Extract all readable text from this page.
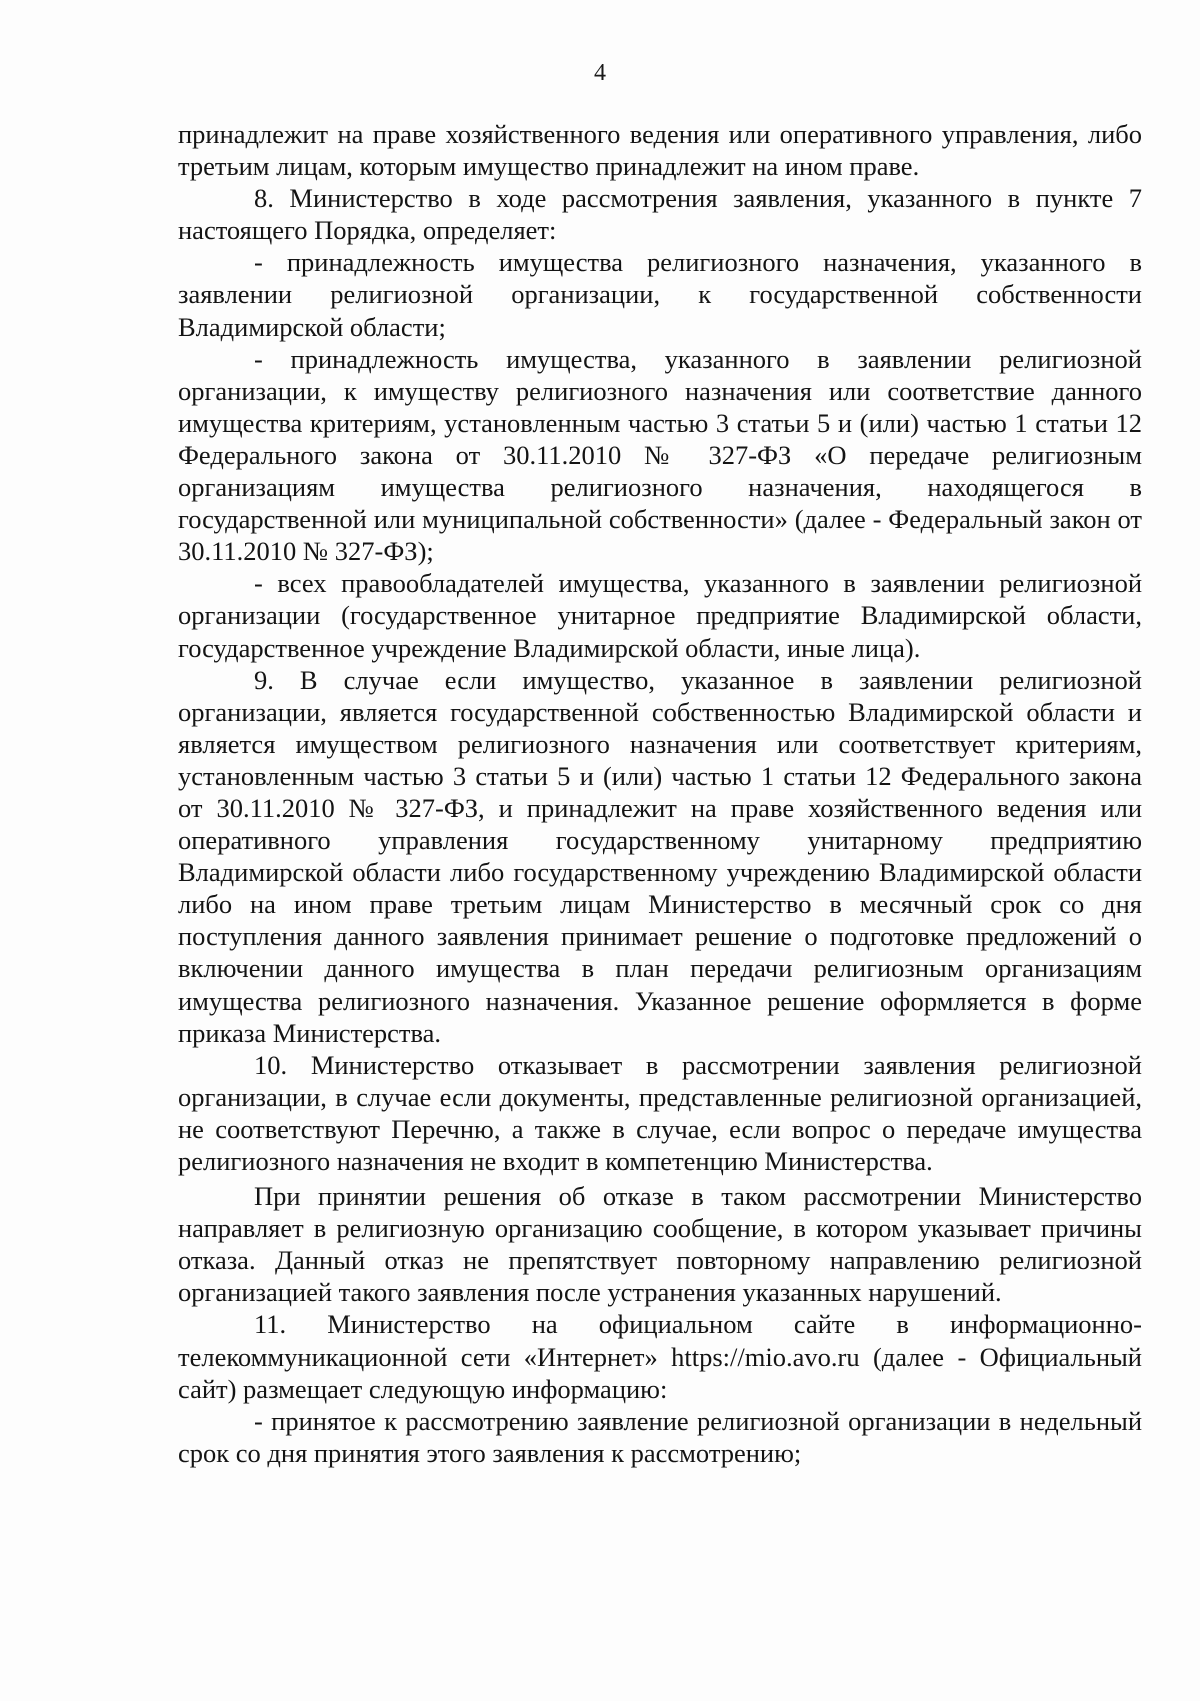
4

принадлежит на праве хозяйственного ведения или оперативного управления, либо третьим лицам, которым имущество принадлежит на ином праве.

8. Министерство в ходе рассмотрения заявления, указанного в пункте 7 настоящего Порядка, определяет:

- принадлежность имущества религиозного назначения, указанного в заявлении религиозной организации, к государственной собственности Владимирской области;

- принадлежность имущества, указанного в заявлении религиозной организации, к имуществу религиозного назначения или соответствие данного имущества критериям, установленным частью 3 статьи 5 и (или) частью 1 статьи 12 Федерального закона от 30.11.2010 № 327-ФЗ «О передаче религиозным организациям имущества религиозного назначения, находящегося в государственной или муниципальной собственности» (далее - Федеральный закон от 30.11.2010 № 327-ФЗ);

- всех правообладателей имущества, указанного в заявлении религиозной организации (государственное унитарное предприятие Владимирской области, государственное учреждение Владимирской области, иные лица).

9. В случае если имущество, указанное в заявлении религиозной организации, является государственной собственностью Владимирской области и является имуществом религиозного назначения или соответствует критериям, установленным частью 3 статьи 5 и (или) частью 1 статьи 12 Федерального закона от 30.11.2010 № 327-ФЗ, и принадлежит на праве хозяйственного ведения или оперативного управления государственному унитарному предприятию Владимирской области либо государственному учреждению Владимирской области либо на ином праве третьим лицам Министерство в месячный срок со дня поступления данного заявления принимает решение о подготовке предложений о включении данного имущества в план передачи религиозным организациям имущества религиозного назначения. Указанное решение оформляется в форме приказа Министерства.

10. Министерство отказывает в рассмотрении заявления религиозной организации, в случае если документы, представленные религиозной организацией, не соответствуют Перечню, а также в случае, если вопрос о передаче имущества религиозного назначения не входит в компетенцию Министерства.

При принятии решения об отказе в таком рассмотрении Министерство направляет в религиозную организацию сообщение, в котором указывает причины отказа. Данный отказ не препятствует повторному направлению религиозной организацией такого заявления после устранения указанных нарушений.

11. Министерство на официальном сайте в информационно-телекоммуникационной сети «Интернет» https://mio.avo.ru (далее - Официальный сайт) размещает следующую информацию:

- принятое к рассмотрению заявление религиозной организации в недельный срок со дня принятия этого заявления к рассмотрению;
